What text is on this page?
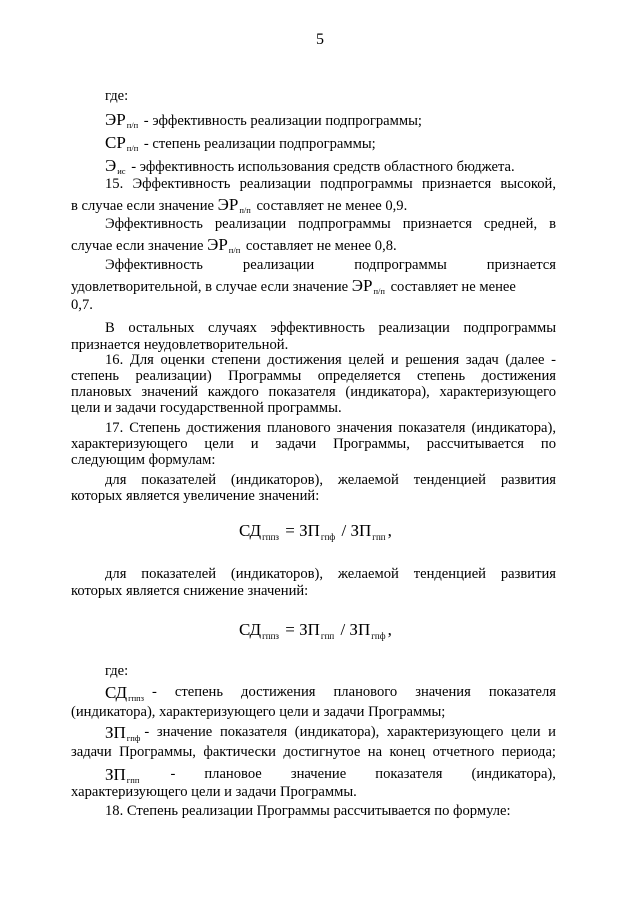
5
где:
$ЭР_{п/п}$ - эффективность реализации подпрограммы;
$СР_{п/п}$ - степень реализации подпрограммы;
$Э_{ис}$ - эффективность использования средств областного бюджета.
15. Эффективность реализации подпрограммы признается высокой,
в случае если значение $ЭР_{п/п}$ составляет не менее 0,9.
Эффективность реализации подпрограммы признается средней, в
случае если значение $ЭР_{п/п}$ составляет не менее 0,8.
Эффективность	реализации	подпрограммы	признается
удовлетворительной, в случае если значение $ЭР_{п/п}$ составляет не менее
0,7.
В остальных случаях эффективность реализации подпрограммы
признается неудовлетворительной.
16. Для оценки степени достижения целей и решения задач (далее -
степень реализации) Программы определяется степень достижения
плановых значений каждого показателя (индикатора), характеризующего
цели и задачи государственной программы.
17. Степень достижения планового значения показателя (индикатора),
характеризующего цели и задачи Программы, рассчитывается по
следующим формулам:
для показателей (индикаторов), желаемой тенденцией развития
которых является увеличение значений:
$СД_{гппз} = ЗП_{гпф} / ЗП_{гпп}$ ,
для показателей (индикаторов), желаемой тенденцией развития
которых является снижение значений:
$СД_{гппз} = ЗП_{гпп} / ЗП_{гпф}$ ,
где:
$СД_{гппз}$ - степень достижения планового значения показателя
(индикатора), характеризующего цели и задачи Программы;
$ЗП_{гпф}$ - значение показателя (индикатора), характеризующего цели и
задачи Программы, фактически достигнутое на конец отчетного периода;
$ЗП_{гпп}$ - плановое значение показателя (индикатора),
характеризующего цели и задачи Программы.
18. Степень реализации Программы рассчитывается по формуле:
